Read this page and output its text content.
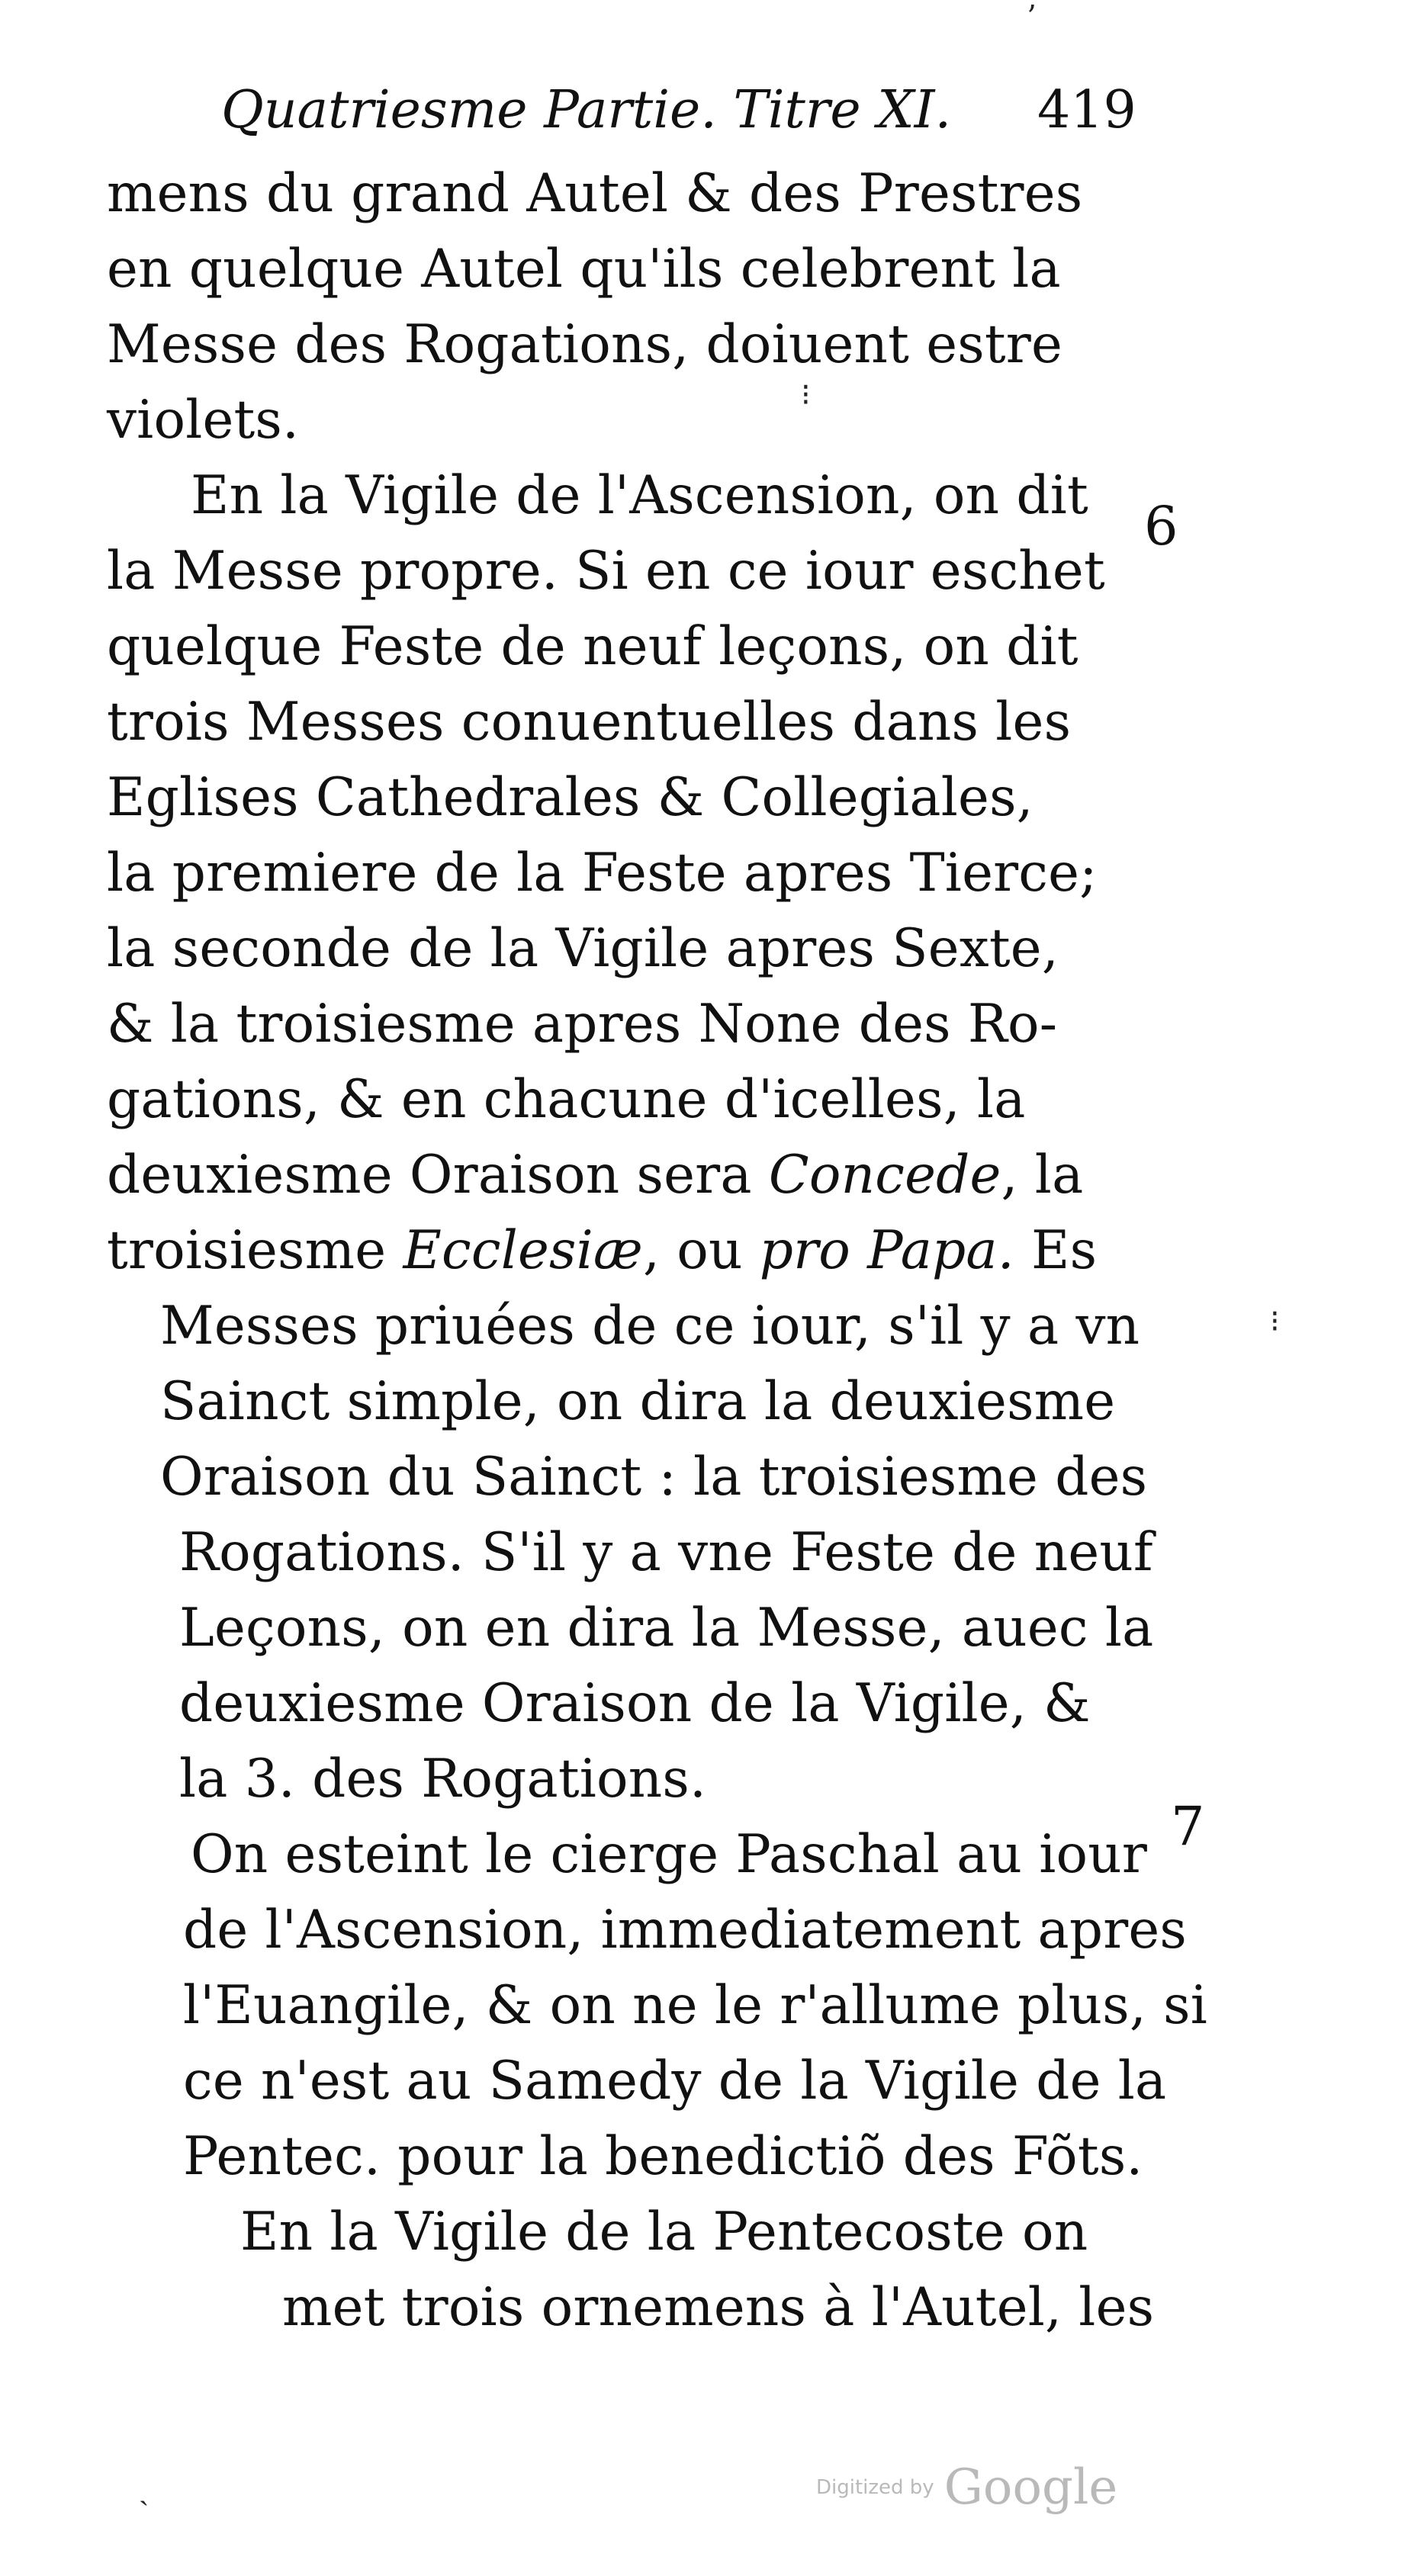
Quatriesme Partie. Titre XI. 419
mens du grand Autel & des Prestres
en quelque Autel qu'ils celebrent la
Messe des Rogations, doiuent estre
violets.
En la Vigile de l'Ascension, on dit
la Messe propre. Si en ce iour eschet
quelque Feste de neuf leçons, on dit
trois Messes conuentuelles dans les
Eglises Cathedrales & Collegiales,
la premiere de la Feste apres Tierce;
la seconde de la Vigile apres Sexte,
& la troisiesme apres None des Ro-
gations, & en chacune d'icelles, la
deuxiesme Oraison sera Concede, la
troisiesme Ecclesiæ, ou pro Papa. Es
Messes priuées de ce iour, s'il y a vn
Sainct simple, on dira la deuxiesme
Oraison du Sainct : la troisiesme des
Rogations. S'il y a vne Feste de neuf
Leçons, on en dira la Messe, auec la
deuxiesme Oraison de la Vigile, &
la 3. des Rogations.
On esteint le cierge Paschal au iour
de l'Ascension, immediatement apres
l'Euangile, & on ne le r'allume plus, si
ce n'est au Samedy de la Vigile de la
Pentec. pour la benedictiõ des Fõts.
En la Vigile de la Pentecoste on
met trois ornemens à l'Autel, les
6
7
ʼ
⁝
⁝
ˎ	Digitized by Google
